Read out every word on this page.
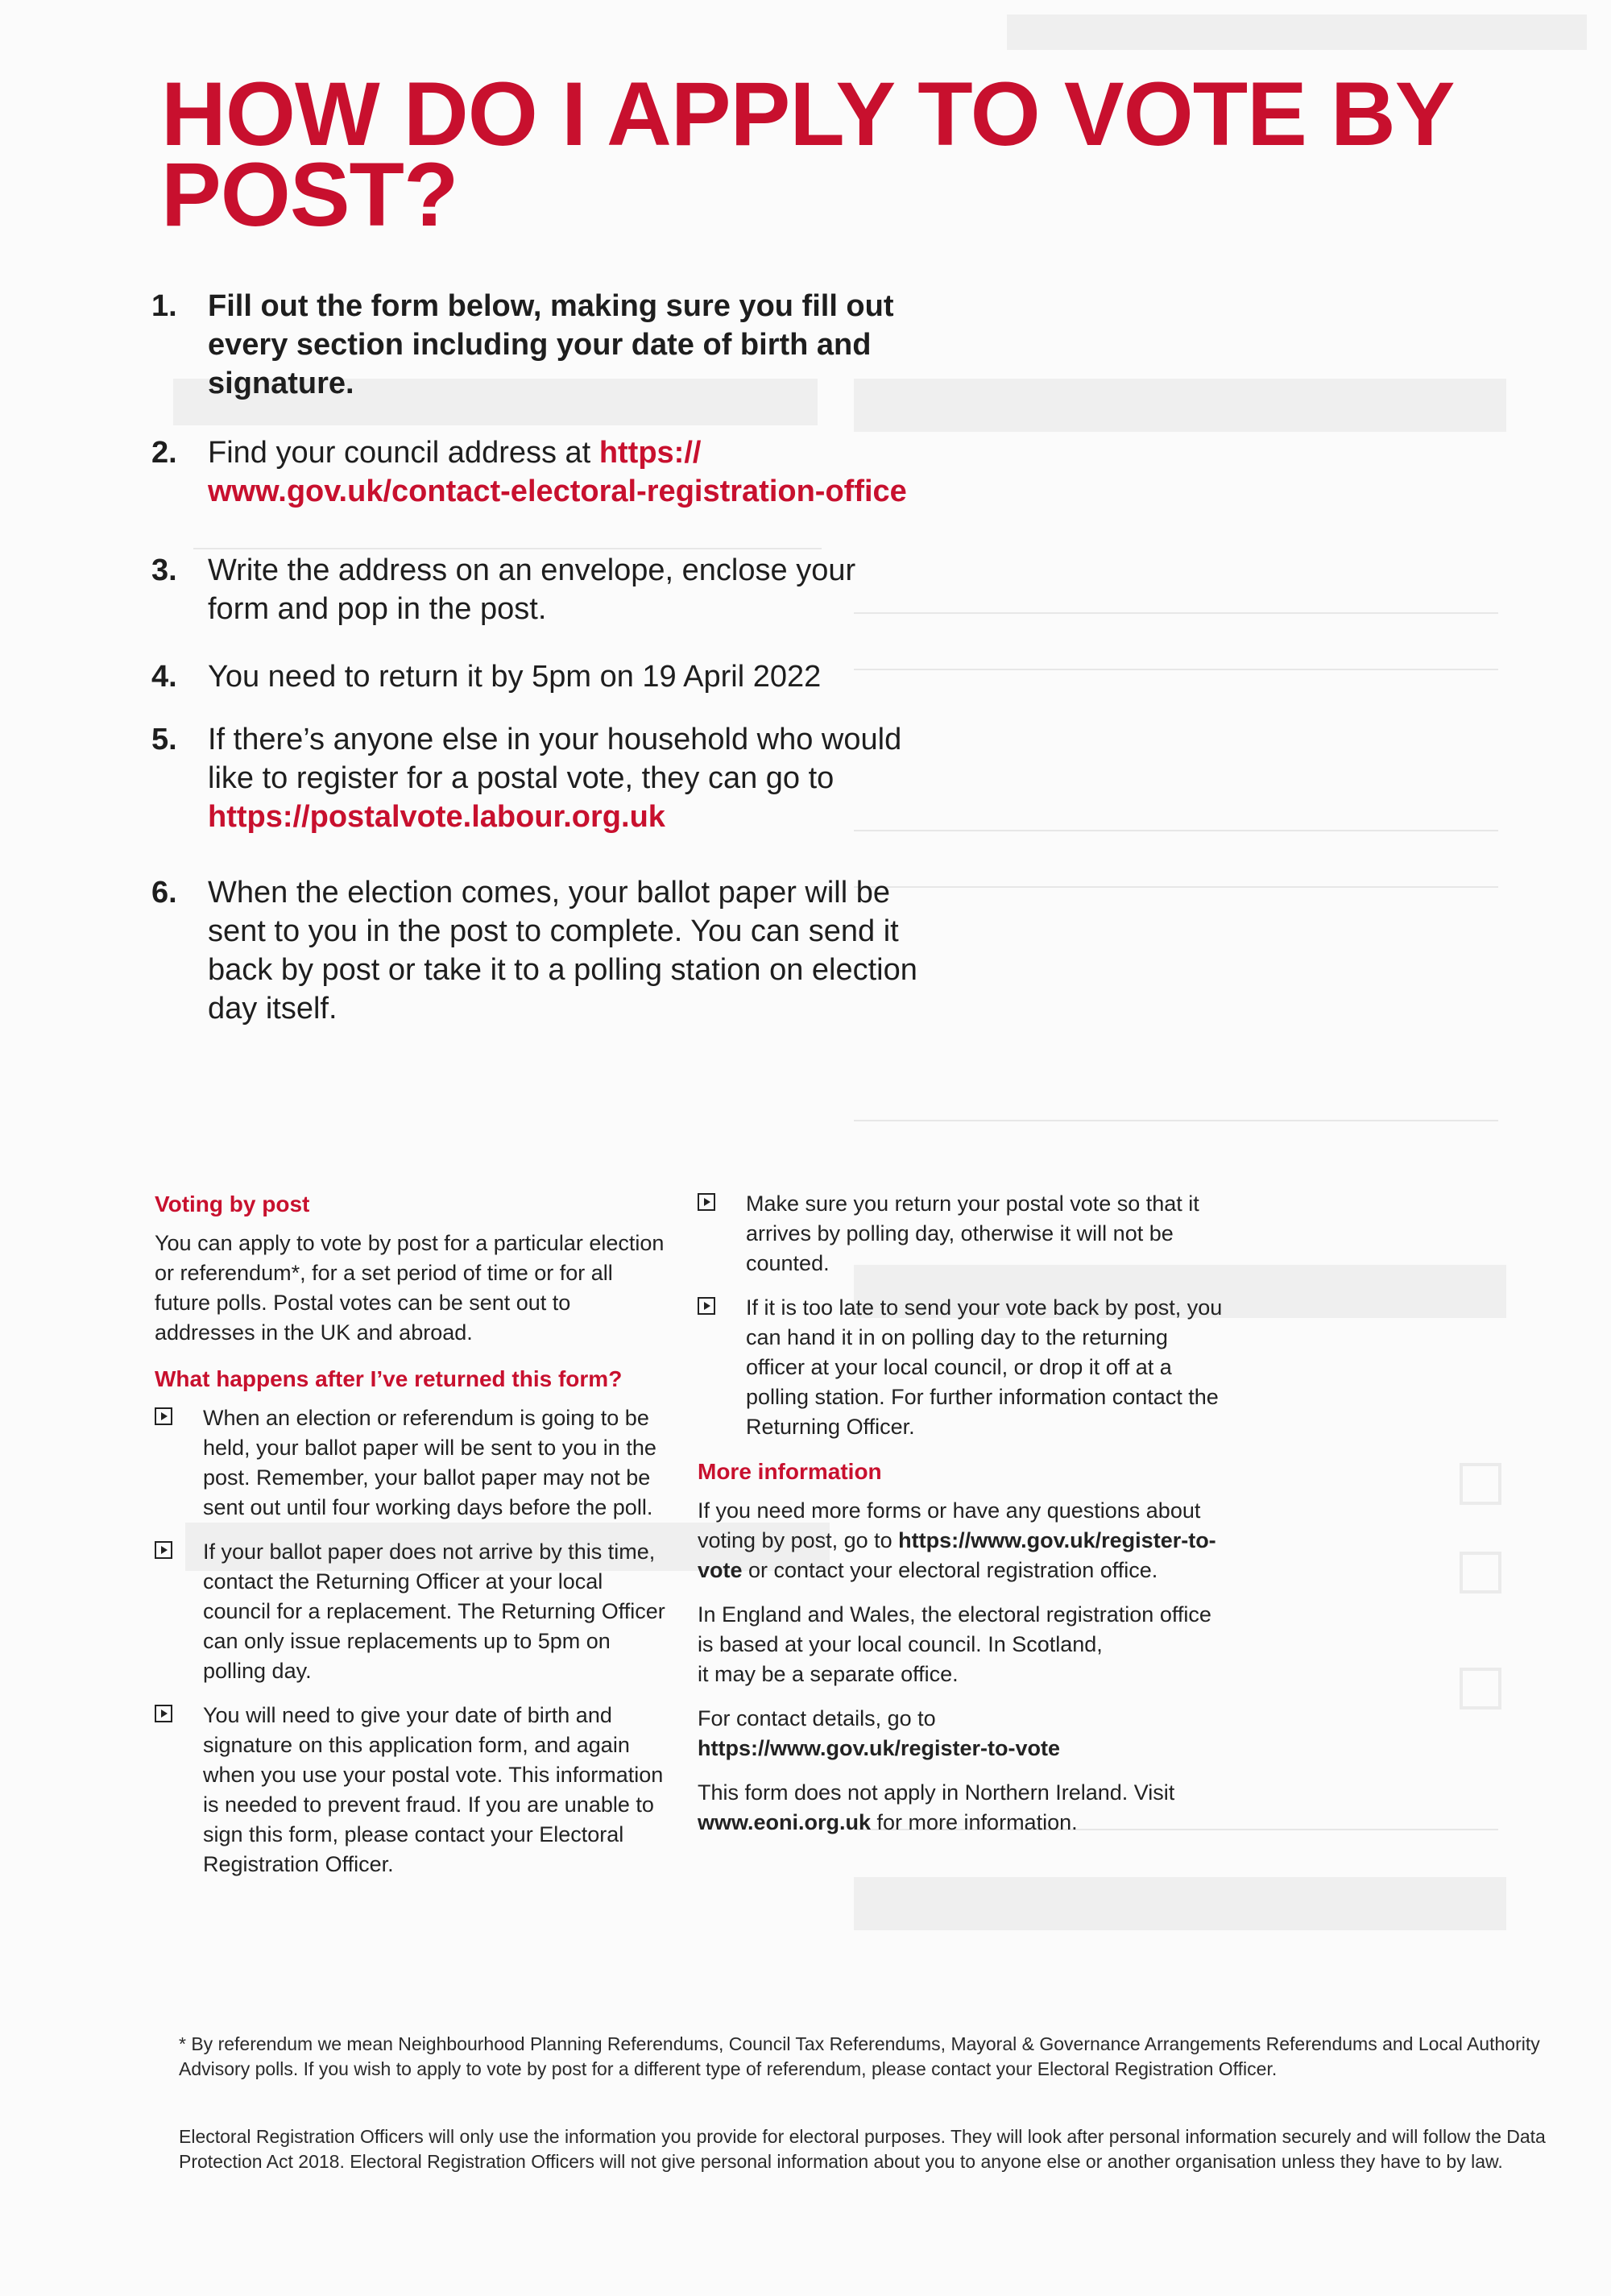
HOW DO I APPLY TO VOTE BY POST?
1. Fill out the form below, making sure you fill out every section including your date of birth and signature.
2. Find your council address at https://​www.gov.uk/contact-electoral-registration-​office
3. Write the address on an envelope, enclose your form and pop in the post.
4. You need to return it by 5pm on 19 April 2022
5. If there’s anyone else in your household who would like to register for a postal vote, they can go to https://postalvote.labour.org.uk
6. When the election comes, your ballot paper will be sent to you in the post to complete. You can send it back by post or take it to a polling station on election day itself.
Voting by post

You can apply to vote by post for a particular election or referendum*, for a set period of time or for all future polls. Postal votes can be sent out to addresses in the UK and abroad.

What happens after I’ve returned this form?
When an election or referendum is going to be held, your ballot paper will be sent to you in the post. Remember, your ballot paper may not be sent out until four working days before the poll.
If your ballot paper does not arrive by this time, contact the Returning Officer at your local council for a replacement. The Returning Officer can only issue replacements up to 5pm on polling day.
You will need to give your date of birth and signature on this application form, and again when you use your postal vote. This information is needed to prevent fraud. If you are unable to sign this form, please contact your Electoral Registration Officer.
Make sure you return your postal vote so that it arrives by polling day, otherwise it will not be counted.
If it is too late to send your vote back by post, you can hand it in on polling day to the returning officer at your local council, or drop it off at a polling station. For further information contact the Returning Officer.
More information

If you need more forms or have any questions about voting by post, go to https://www.gov.uk/register-to-vote or contact your electoral registration office.

In England and Wales, the electoral registration office is based at your local council. In Scotland,

it may be a separate office.

For contact details, go to https://www.gov.uk/register-to-vote

This form does not apply in Northern Ireland. Visit www.eoni.org.uk for more information.

* By referendum we mean Neighbourhood Planning Referendums, Council Tax Referendums, Mayoral & Governance Arrangements Referendums and Local Authority Advisory polls. If you wish to apply to vote by post for a different type of referendum, please contact your Electoral Registration Officer.

Electoral Registration Officers will only use the information you provide for electoral purposes. They will look after personal information securely and will follow the Data Protection Act 2018. Electoral Registration Officers will not give personal information about you to anyone else or another organisation unless they have to by law.
